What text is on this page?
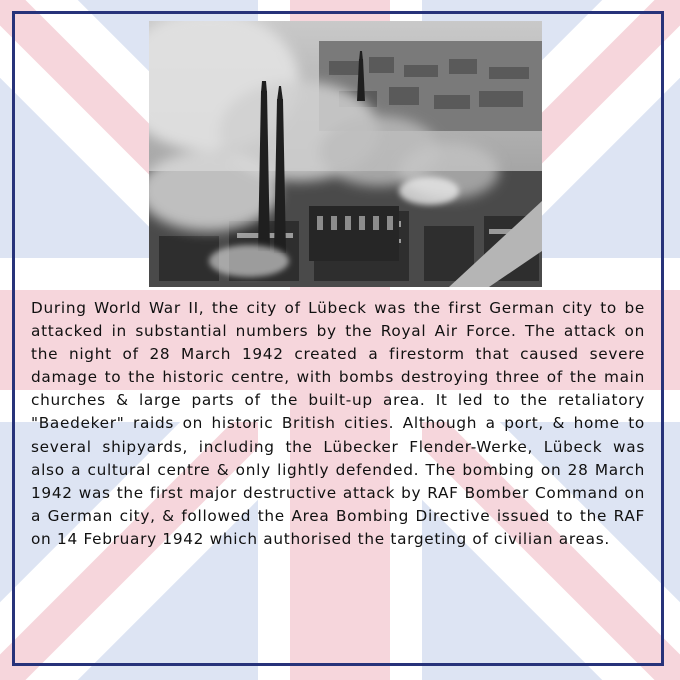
During World War II, the city of Lübeck was the first German city to be attacked in substantial numbers by the Royal Air Force. The attack on the night of 28 March 1942 created a firestorm that caused severe damage to the historic centre, with bombs destroying three of the main churches & large parts of the built-up area. It led to the retaliatory "Baedeker" raids on historic British cities. Although a port, & home to several shipyards, including the Lübecker Flender-Werke, Lübeck was also a cultural centre & only lightly defended. The bombing on 28 March 1942 was the first major destructive attack by RAF Bomber Command on a German city, & followed the Area Bombing Directive issued to the RAF on 14 February 1942 which authorised the targeting of civilian areas.
